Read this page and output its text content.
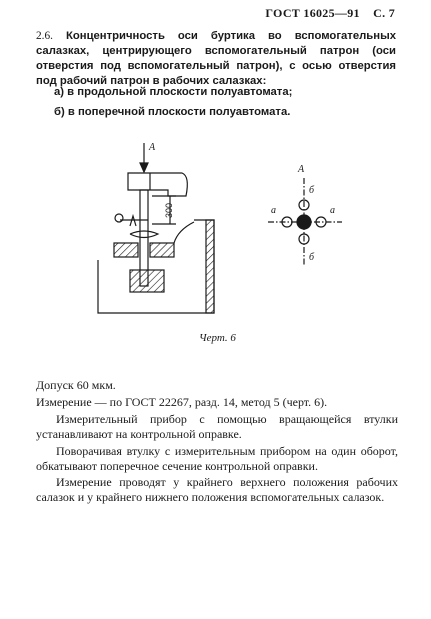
ГОСТ 16025—91 С. 7
2.6. Концентричность оси буртика во вспомогательных салазках, центрирующего вспомогательный патрон (оси отверстия под вспомогательный патрон), с осью отверстия под рабочий патрон в рабочих салазках:
а) в продольной плоскости полуавтомата;
б) в поперечной плоскости полуавтомата.
А
300
А
а	а
б
б
Черт. 6
Допуск 60 мкм.
Измерение — по ГОСТ 22267, разд. 14, метод 5 (черт. 6).
Измерительный прибор с помощью вращающейся втулки устанавливают на контрольной оправке.
Поворачивая втулку с измерительным прибором на один оборот, обкатывают поперечное сечение контрольной оправки.
Измерение проводят у крайнего верхнего положения рабочих салазок и у крайнего нижнего положения вспомогательных салазок.
